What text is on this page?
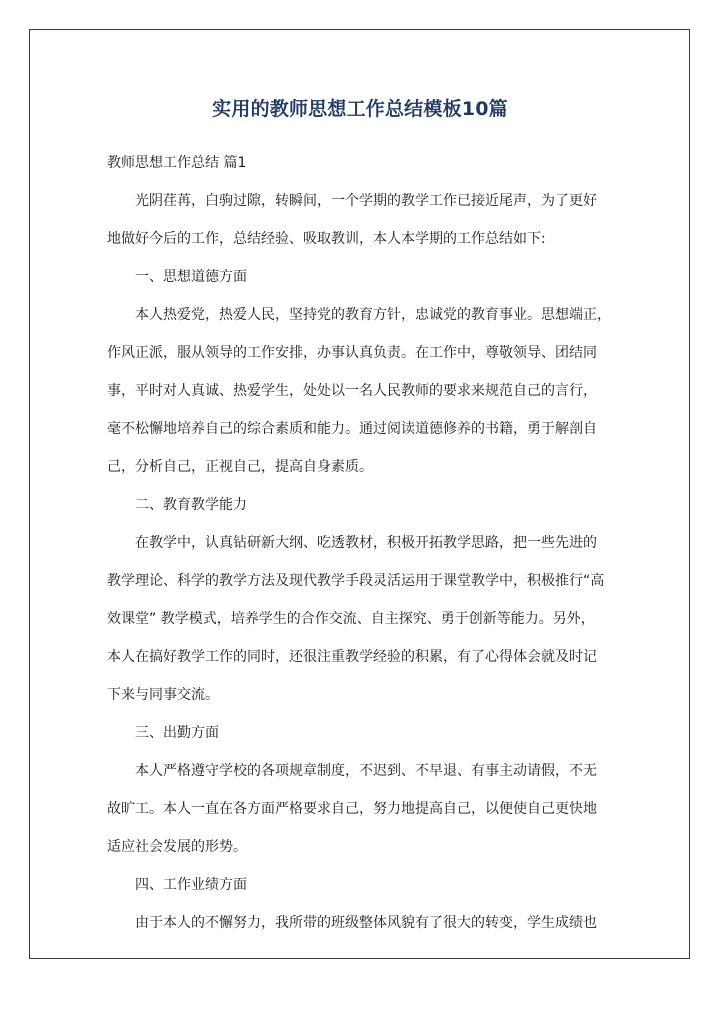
实用的教师思想工作总结模板10篇
教师思想工作总结 篇1
光阴荏苒，白驹过隙，转瞬间，一个学期的教学工作已接近尾声，为了更好
地做好今后的工作，总结经验、吸取教训，本人本学期的工作总结如下:
一、思想道德方面
本人热爱党，热爱人民，坚持党的教育方针，忠诚党的教育事业。思想端正，
作风正派，服从领导的工作安排，办事认真负责。在工作中，尊敬领导、团结同
事，平时对人真诚、热爱学生，处处以一名人民教师的要求来规范自己的言行，
毫不松懈地培养自己的综合素质和能力。通过阅读道德修养的书籍，勇于解剖自
己，分析自己，正视自己，提高自身素质。
二、教育教学能力
在教学中，认真钻研新大纲、吃透教材，积极开拓教学思路，把一些先进的
教学理论、科学的教学方法及现代教学手段灵活运用于课堂教学中，积极推行“高
效课堂” 教学模式，培养学生的合作交流、自主探究、勇于创新等能力。另外，
本人在搞好教学工作的同时，还很注重教学经验的积累，有了心得体会就及时记
下来与同事交流。
三、出勤方面
本人严格遵守学校的各项规章制度，不迟到、不早退、有事主动请假，不无
故旷工。本人一直在各方面严格要求自己，努力地提高自己，以便使自己更快地
适应社会发展的形势。
四、工作业绩方面
由于本人的不懈努力，我所带的班级整体风貌有了很大的转变，学生成绩也
